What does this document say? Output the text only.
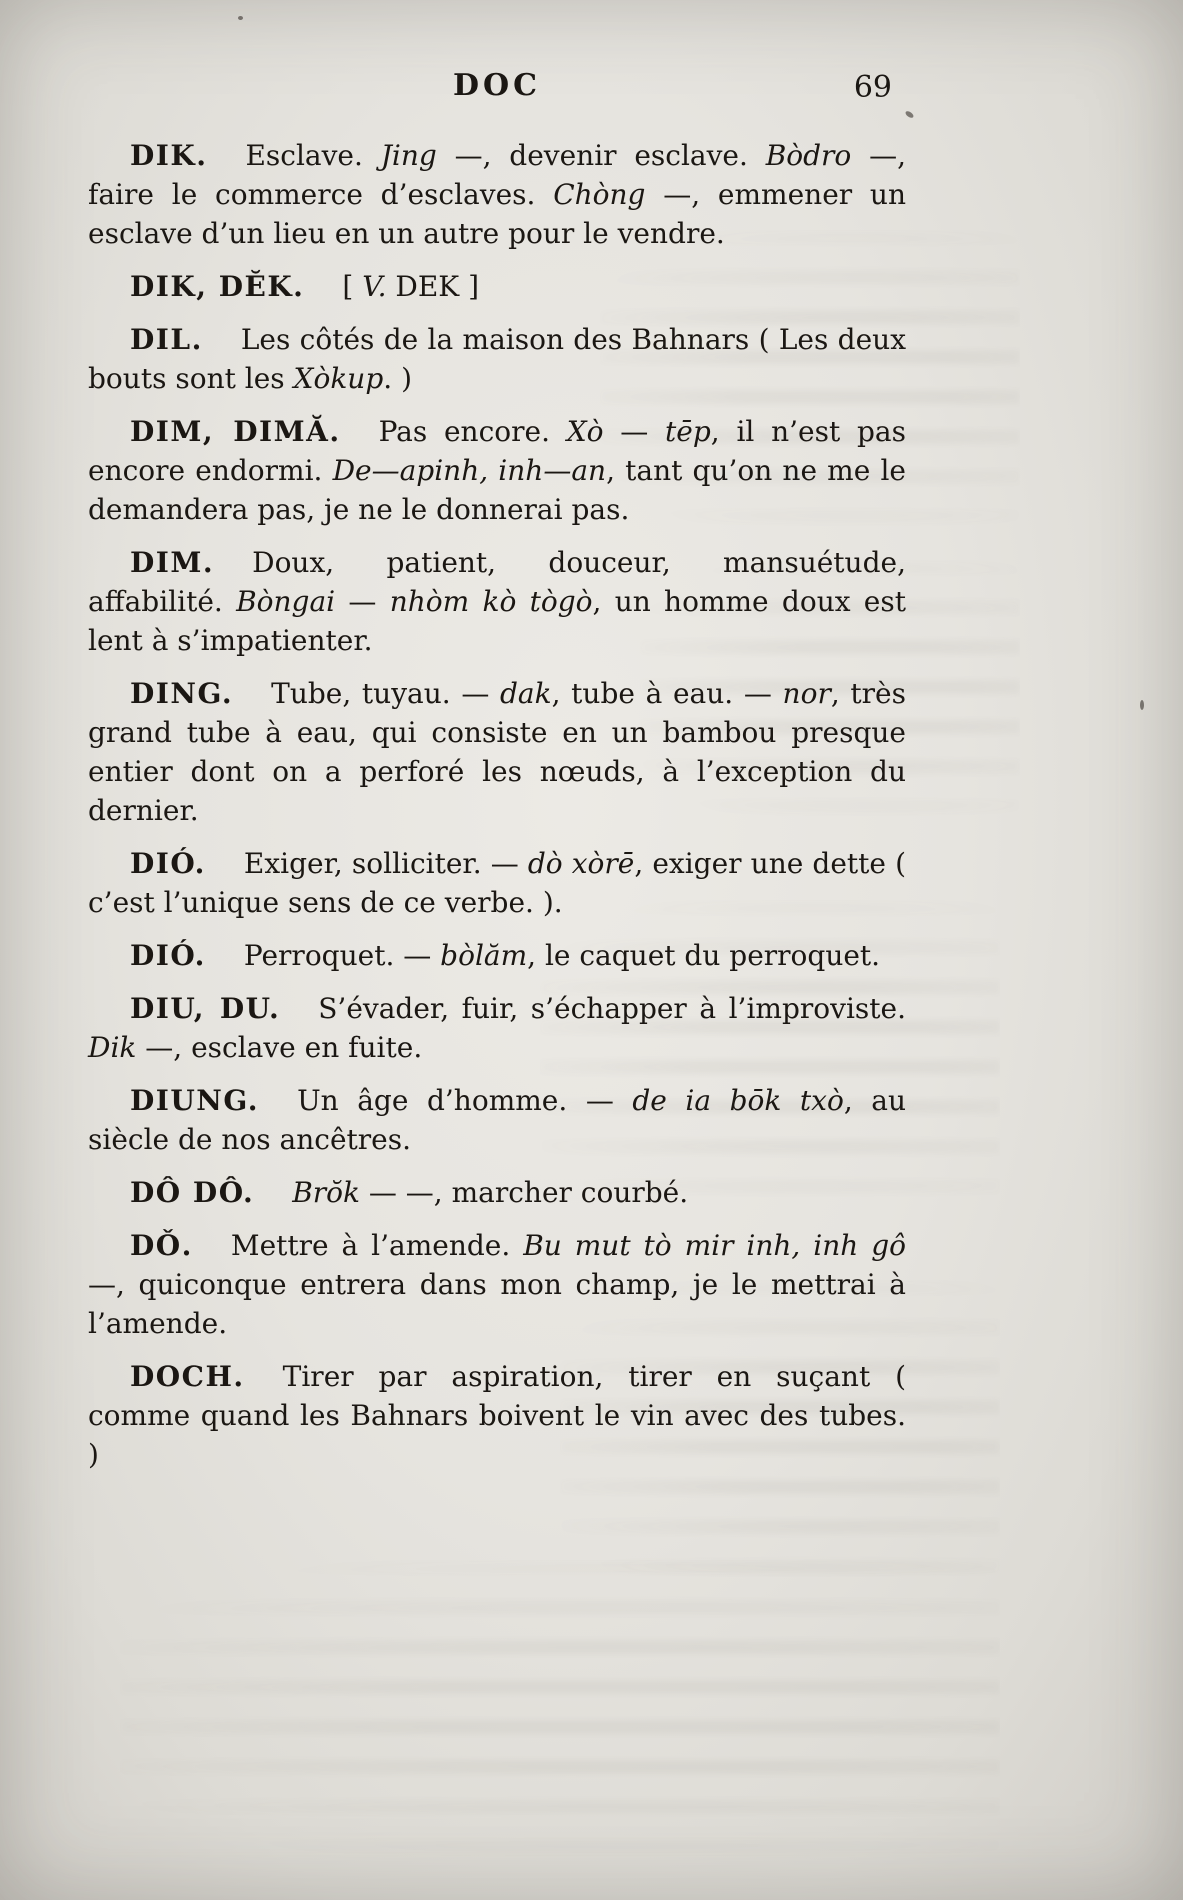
DOC	69

DIK. Esclave. Jing —, devenir esclave. Bòdro —, faire le commerce d’esclaves. Chòng —, emmener un esclave d’un lieu en un autre pour le vendre.

DIK, DĔK. [ V. DEK ]

DIL. Les côtés de la maison des Bahnars ( Les deux bouts sont les Xòkup. )

DIM, DIMĂ. Pas encore. Xò — tēp, il n’est pas encore endormi. De—apinh, inh—an, tant qu’on ne me le demandera pas, je ne le donnerai pas.

DIM. Doux, patient, douceur, mansuétude, affabilité. Bòngai — nhòm kò tògò, un homme doux est lent à s’impatienter.

DING. Tube, tuyau. — dak, tube à eau. — nor, très grand tube à eau, qui consiste en un bambou presque entier dont on a perforé les nœuds, à l’exception du dernier.

DIÓ. Exiger, solliciter. — dò xòrē, exiger une dette ( c’est l’unique sens de ce verbe. ).

DIÓ. Perroquet. — bòlăm, le caquet du perroquet.

DIU, DU. S’évader, fuir, s’échapper à l’improviste. Dik —, esclave en fuite.

DIUNG. Un âge d’homme. — de ia bōk txò, au siècle de nos ancêtres.

DÔ DÔ. Brŏk — —, marcher courbé.

DǑ. Mettre à l’amende. Bu mut tò mir inh, inh gô —, quiconque entrera dans mon champ, je le mettrai à l’amende.

DOCH. Tirer par aspiration, tirer en suçant ( comme quand les Bahnars boivent le vin avec des tubes. )
